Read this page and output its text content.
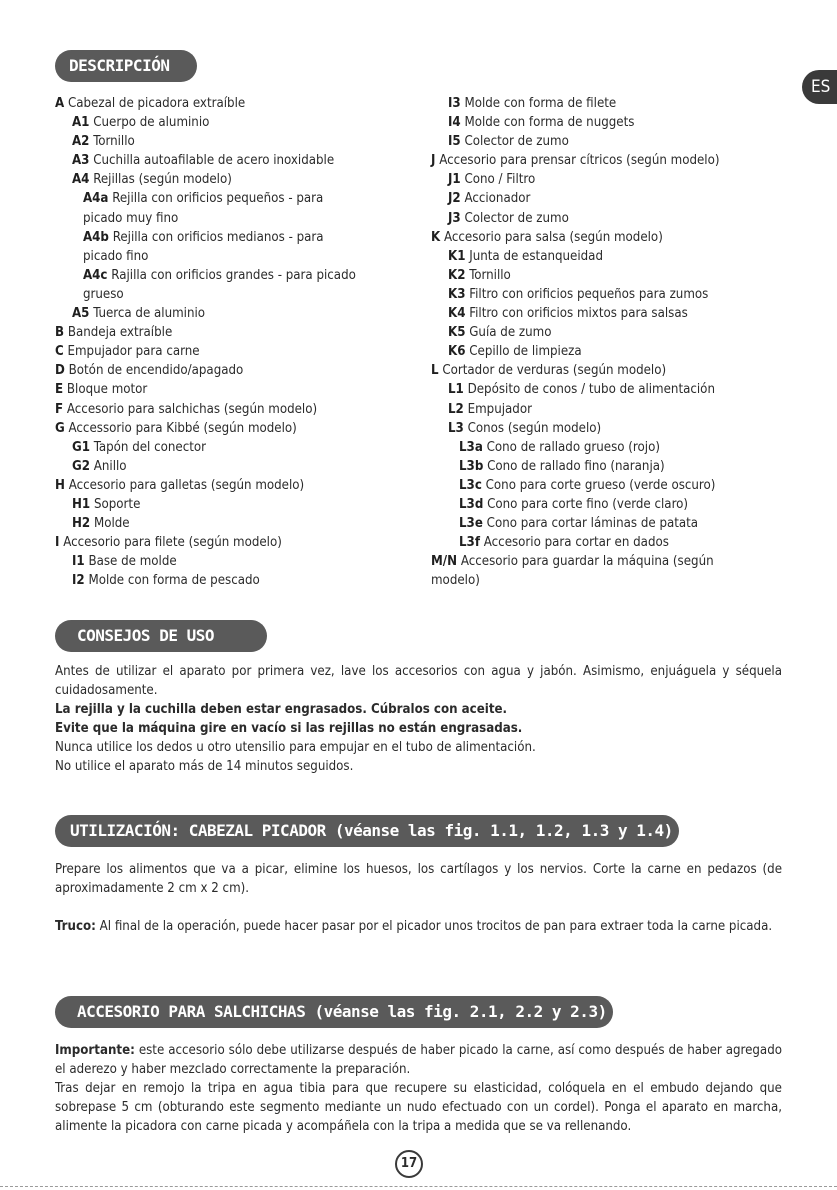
ES
DESCRIPCIÓN
A Cabezal de picadora extraíble
A1 Cuerpo de aluminio
A2 Tornillo
A3 Cuchilla autoafilable de acero inoxidable
A4 Rejillas (según modelo)
A4a Rejilla con orificios pequeños - para
picado muy fino
A4b Rejilla con orificios medianos - para
picado fino
A4c Rajilla con orificios grandes - para picado
grueso
A5 Tuerca de aluminio
B Bandeja extraíble
C Empujador para carne
D Botón de encendido/apagado
E Bloque motor
F Accesorio para salchichas (según modelo)
G Accessorio para Kibbé (según modelo)
G1 Tapón del conector
G2 Anillo
H Accesorio para galletas (según modelo)
H1 Soporte
H2 Molde
I Accesorio para filete (según modelo)
I1 Base de molde
I2 Molde con forma de pescado
I3 Molde con forma de filete
I4 Molde con forma de nuggets
I5 Colector de zumo
J Accesorio para prensar cítricos (según modelo)
J1 Cono / Filtro
J2 Accionador
J3 Colector de zumo
K Accesorio para salsa (según modelo)
K1 Junta de estanqueidad
K2 Tornillo
K3 Filtro con orificios pequeños para zumos
K4 Filtro con orificios mixtos para salsas
K5 Guía de zumo
K6 Cepillo de limpieza
L Cortador de verduras (según modelo)
L1 Depósito de conos / tubo de alimentación
L2 Empujador
L3 Conos (según modelo)
L3a Cono de rallado grueso (rojo)
L3b Cono de rallado fino (naranja)
L3c Cono para corte grueso (verde oscuro)
L3d Cono para corte fino (verde claro)
L3e Cono para cortar láminas de patata
L3f Accesorio para cortar en dados
M/N Accesorio para guardar la máquina (según
modelo)
CONSEJOS DE USO

Antes de utilizar el aparato por primera vez, lave los accesorios con agua y jabón. Asimismo, enjuáguela y séquela cuidadosamente.

La rejilla y la cuchilla deben estar engrasados. Cúbralos con aceite.

Evite que la máquina gire en vacío si las rejillas no están engrasadas.

Nunca utilice los dedos u otro utensilio para empujar en el tubo de alimentación.

No utilice el aparato más de 14 minutos seguidos.

UTILIZACIÓN: CABEZAL PICADOR (véanse las fig. 1.1, 1.2, 1.3 y 1.4)

Prepare los alimentos que va a picar, elimine los huesos, los cartílagos y los nervios. Corte la carne en pedazos (de aproximadamente 2 cm x 2 cm).

Truco: Al final de la operación, puede hacer pasar por el picador unos trocitos de pan para extraer toda la carne picada.

ACCESORIO PARA SALCHICHAS (véanse las fig. 2.1, 2.2 y 2.3)

Importante: este accesorio sólo debe utilizarse después de haber picado la carne, así como después de haber agregado el aderezo y haber mezclado correctamente la preparación.

Tras dejar en remojo la tripa en agua tibia para que recupere su elasticidad, colóquela en el embudo dejando que sobrepase 5 cm (obturando este segmento mediante un nudo efectuado con un cordel). Ponga el aparato en marcha, alimente la picadora con carne picada y acompáñela con la tripa a medida que se va rellenando.

17
